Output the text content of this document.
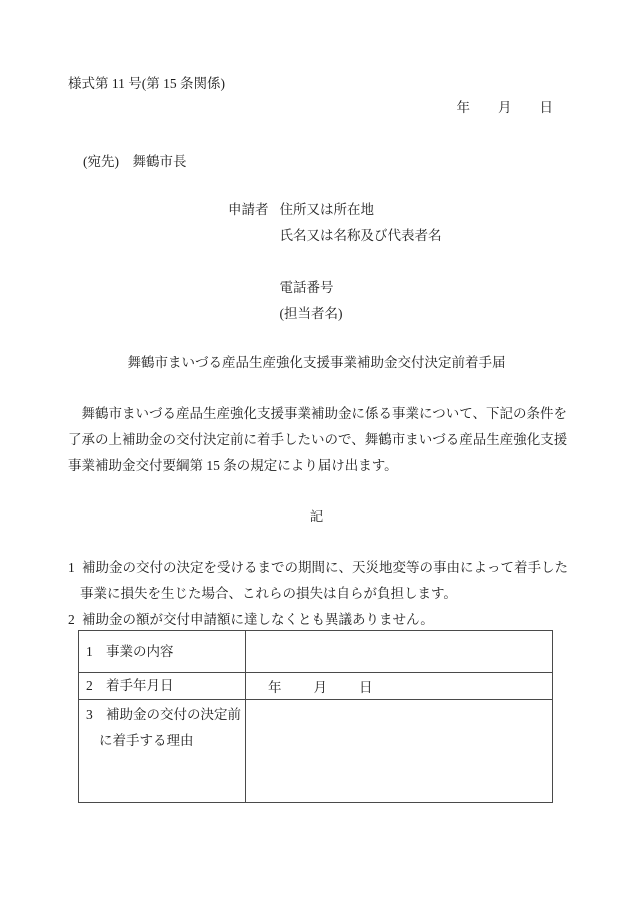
様式第 11 号(第 15 条関係)
年 月 日
(宛先)　舞鶴市長
申請者 住所又は所在地
氏名又は名称及び代表者名
電話番号
(担当者名)
舞鶴市まいづる産品生産強化支援事業補助金交付決定前着手届
　舞鶴市まいづる産品生産強化支援事業補助金に係る事業について、下記の条件を
了承の上補助金の交付決定前に着手したいので、舞鶴市まいづる産品生産強化支援
事業補助金交付要綱第 15 条の規定により届け出ます。
記
1 補助金の交付の決定を受けるまでの期間に、天災地変等の事由によって着手した
事業に損失を生じた場合、これらの損失は自らが負担します。
2 補助金の額が交付申請額に達しなくとも異議ありません。
1 事業の内容	

2 着手年月日	年 月 日

3 補助金の交付の決定前
に着手する理由	
